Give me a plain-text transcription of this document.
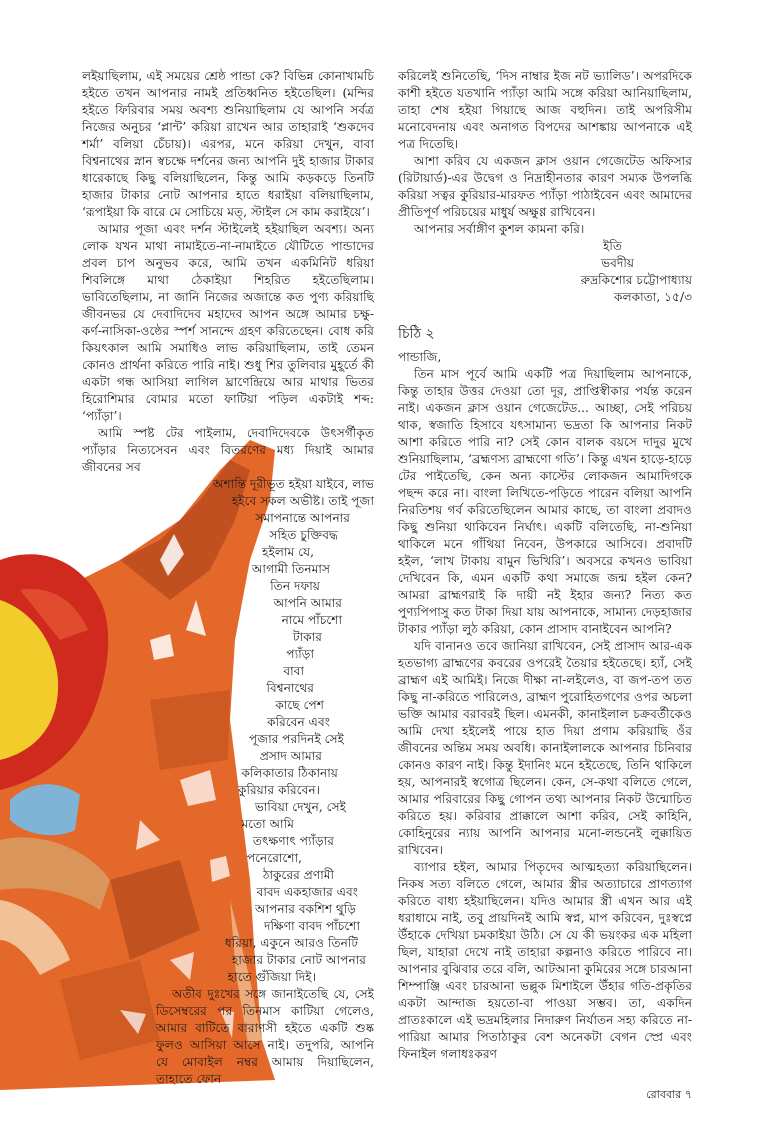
লইয়াছিলাম, এই সময়ের শ্রেষ্ঠ পান্ডা কে? বিভিন্ন কোনাখামচি হইতে তখন আপনার নামই প্রতিধ্বনিত হইতেছিল। (মন্দির হইতে ফিরিবার সময় অবশ্য শুনিয়াছিলাম যে আপনি সর্বত্র নিজের অনুচর ‘প্লান্ট’ করিয়া রাখেন আর তাহারাই ‘শুকদেব শর্মা’ বলিয়া চেঁচায়)। এরপর, মনে করিয়া দেখুন, বাবা বিশ্বনাথের স্নান স্বচক্ষে দর্শনের জন্য আপনি দুই হাজার টাকার ধারেকাছে কিছু বলিয়াছিলেন, কিন্তু আমি কড়কড়ে তিনটি হাজার টাকার নোট আপনার হাতে ধরাইয়া বলিয়াছিলাম, ‘রূপাইয়া কি বারে মে সোচিয়ে মত্‌, স্টাইল সে কাম করাইয়ে’।

আমার পূজা এবং দর্শন স্টাইলেই হইয়াছিল অবশ্য। অন্য লোক যখন মাথা নামাইতে-না-নামাইতে যৌটিতে পান্ডাদের প্রবল চাপ অনুভব করে, আমি তখন একমিনিট ধরিয়া শিবলিঙ্গে মাথা ঠেকাইয়া শিহরিত হইতেছিলাম। ভাবিতেছিলাম, না জানি নিজের অজান্তে কত পুণ্য করিয়াছি জীবনভর যে দেবাদিদেব মহাদেব আপন অঙ্গে আমার চক্ষু-কর্ণ-নাসিকা-ওষ্ঠের স্পর্শ সানন্দে গ্রহণ করিতেছেন। বোধ করি কিয়ৎকাল আমি সমাধিও লাভ করিয়াছিলাম, তাই তেমন কোনও প্রার্থনা করিতে পারি নাই। শুধু শির তুলিবার মুহূর্তে কী একটা গন্ধ আসিয়া লাগিল ঘ্রাণেন্দ্রিয়ে আর মাথার ভিতর হিরোশিমার বোমার মতো ফাটিয়া পড়িল একটাই শব্দ: ‘প্যাঁড়া’।

আমি স্পষ্ট টের পাইলাম, দেবাদিদেবকে উৎসর্গীকৃত প্যাঁড়ার নিত্যসেবন এবং বিতরণের মধ্য দিয়াই আমার জীবনের সব

অশান্তি দূরীভূত হইয়া যাইবে, লাভ

হইবে সকল অভীষ্ট। তাই পূজা

সমাপনান্তে আপনার

সহিত চুক্তিবদ্ধ

হইলাম যে,

আগামী তিনমাস

তিন দফায়

আপনি আমার

নামে পাঁচশো

টাকার

প্যাঁড়া

বাবা

বিশ্বনাথের

কাছে পেশ

করিবেন এবং

পূজার পরদিনই সেই

প্রসাদ আমার

কলিকাতার ঠিকানায়

কুরিয়ার করিবেন।

ভাবিয়া দেখুন, সেই

মতো আমি

তৎক্ষণাৎ প্যাঁড়ার

পনেরোশো,

ঠাকুরের প্রণামী

বাবদ একহাজার এবং

আপনার বকশিশ থুড়ি

দক্ষিণা বাবদ পাঁচশো

ধরিয়া, একুনে আরও তিনটি

হাজার টাকার নোট আপনার

হাতে গুঁজিয়া দিই।

অতীব দুঃখের সঙ্গে জানাইতেছি যে, সেই ডিসেম্বরের পর তিনমাস কাটিয়া গেলেও, আমার বাটিতে বারাণসী হইতে একটি শুষ্ক ফুলও আসিয়া আসে নাই। তদুপরি, আপনি যে মোবাইল নম্বর আমায় দিয়াছিলেন, তাহাতে ফোন

করিলেই শুনিতেছি, ‘দিস নাম্বার ইজ নট ভ্যালিড’। অপরদিকে কাশী হইতে যতখানি প্যাঁড়া আমি সঙ্গে করিয়া আনিয়াছিলাম, তাহা শেষ হইয়া গিয়াছে আজ বহুদিন। তাই অপরিসীম মনোবেদনায় এবং অনাগত বিপদের আশঙ্কায় আপনাকে এই পত্র দিতেছি।

আশা করিব যে একজন ক্লাস ওয়ান গেজেটেড অফিসার (রিটায়ার্ড)-এর উদ্বেগ ও নিদ্রাহীনতার কারণ সম্যক উপলব্ধি করিয়া সত্বর কুরিয়ার-মারফত প্যাঁড়া পাঠাইবেন এবং আমাদের প্রীতিপূর্ণ পরিচয়ের মাধুর্য অক্ষুণ্ণ রাখিবেন।

আপনার সর্বাঙ্গীণ কুশল কামনা করি।

ইতি

ভবদীয়

রুদ্রকিশোর চট্টোপাধ্যায়

কলকাতা, ১৫/৩

চিঠি ২

পান্ডাজি,

তিন মাস পূর্বে আমি একটি পত্র দিয়াছিলাম আপনাকে, কিন্তু তাহার উত্তর দেওয়া তো দূর, প্রাপ্তিস্বীকার পর্যন্ত করেন নাই। একজন ক্লাস ওয়ান গেজেটেড... আচ্ছা, সেই পরিচয় থাক, স্বজাতি হিসাবে যৎসামান্য ভদ্রতা কি আপনার নিকট আশা করিতে পারি না? সেই কোন বালক বয়সে দাদুর মুখে শুনিয়াছিলাম, ‘ব্রহ্মণস্য ব্রাহ্মণো গতি’। কিন্তু এখন হাড়ে-হাড়ে টের পাইতেছি, কেন অন্য কাস্টের লোকজন আমাদিগকে পছন্দ করে না। বাংলা লিখিতে-পড়িতে পারেন বলিয়া আপনি নিরতিশয় গর্ব করিতেছিলেন আমার কাছে, তা বাংলা প্রবাদও কিছু শুনিয়া থাকিবেন নির্ঘাৎ। একটি বলিতেছি, না-শুনিয়া থাকিলে মনে গাঁথিয়া নিবেন, উপকারে আসিবে। প্রবাদটি হইল, ‘লাখ টাকায় বামুন ভিখিরি’। অবসরে কখনও ভাবিয়া দেখিবেন কি, এমন একটি কথা সমাজে জন্ম হইল কেন? আমরা ব্রাহ্মণরাই কি দায়ী নই ইহার জন্য? নিত্য কত পুণ্যপিপাসু কত টাকা দিয়া যায় আপনাকে, সামান্য দেড়হাজার টাকার প্যাঁড়া লুঠ করিয়া, কোন প্রাসাদ বানাইবেন আপনি?

যদি বানানও তবে জানিয়া রাখিবেন, সেই প্রাসাদ আর-এক হতভাগ্য ব্রাহ্মণের কবরের ওপরেই তৈয়ার হইতেছে। হ্যাঁ, সেই ব্রাহ্মণ এই আমিই। নিজে দীক্ষা না-লইলেও, বা জপ-তপ তত কিছু না-করিতে পারিলেও, ব্রাহ্মণ পুরোহিতগণের ওপর অচলা ভক্তি আমার বরাবরই ছিল। এমনকী, কানাইলাল চক্রবর্তীকেও আমি দেখা হইলেই পায়ে হাত দিয়া প্রণাম করিয়াছি ওঁর জীবনের অন্তিম সময় অবধি। কানাইলালকে আপনার চিনিবার কোনও কারণ নাই। কিন্তু ইদানিং মনে হইতেছে, তিনি থাকিলে হয়, আপনারই স্বগোত্র ছিলেন। কেন, সে-কথা বলিতে গেলে, আমার পরিবারের কিছু গোপন তথ্য আপনার নিকট উন্মোচিত করিতে হয়। করিবার প্রাক্কালে আশা করিব, সেই কাহিনি, কোহিনুরের ন্যায় আপনি আপনার মনো-লন্ডনেই লুক্কায়িত রাখিবেন।

ব্যাপার হইল, আমার পিতৃদেব আত্মহত্যা করিয়াছিলেন। নিকষ সত্য বলিতে গেলে, আমার স্ত্রীর অত্যাচারে প্রাণত্যাগ করিতে বাধ্য হইয়াছিলেন। যদিও আমার স্ত্রী এখন আর এই ধরাধামে নাই, তবু প্রায়দিনই আমি স্বপ্ন, মাপ করিবেন, দুঃস্বপ্নে উঁহাকে দেখিয়া চমকাইয়া উঠি। সে যে কী ভয়ংকর এক মহিলা ছিল, যাহারা দেখে নাই তাহারা কল্পনাও করিতে পারিবে না। আপনার বুঝিবার তরে বলি, আটআনা কুমিরের সঙ্গে চারআনা শিম্পাঞ্জি এবং চারআনা ভল্লুক মিশাইলে উঁহার গতি-প্রকৃতির একটা আন্দাজ হয়তো-বা পাওয়া সম্ভব। তা, একদিন প্রাতঃকালে এই ভদ্রমহিলার নিদারুণ নির্যাতন সহ্য করিতে না-পারিয়া আমার পিতাঠাকুর বেশ অনেকটা বেগন স্প্রে এবং ফিনাইল গলাধঃকরণ

রোববার ৭
